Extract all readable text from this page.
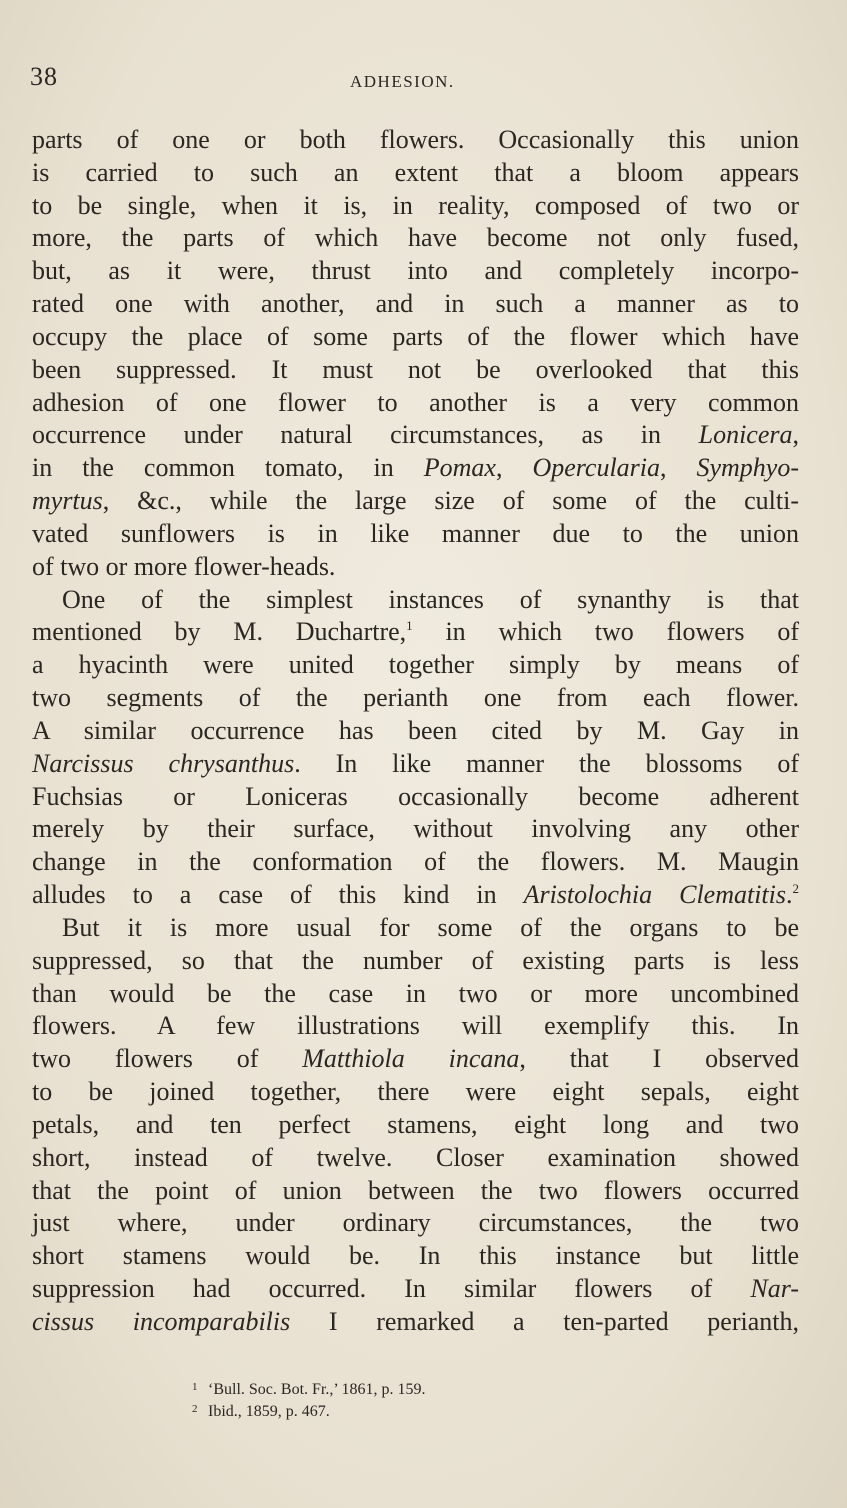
38	ADHESION.
parts of one or both flowers. Occasionally this union
is carried to such an extent that a bloom appears
to be single, when it is, in reality, composed of two or
more, the parts of which have become not only fused,
but, as it were, thrust into and completely incorpo-
rated one with another, and in such a manner as to
occupy the place of some parts of the flower which have
been suppressed. It must not be overlooked that this
adhesion of one flower to another is a very common
occurrence under natural circumstances, as in Lonicera,
in the common tomato, in Pomax, Opercularia, Symphyo-
myrtus, &c., while the large size of some of the culti-
vated sunflowers is in like manner due to the union
of two or more flower-heads.
One of the simplest instances of synanthy is that
mentioned by M. Duchartre,$^1$ in which two flowers of
a hyacinth were united together simply by means of
two segments of the perianth one from each flower.
A similar occurrence has been cited by M. Gay in
Narcissus chrysanthus. In like manner the blossoms of
Fuchsias or Loniceras occasionally become adherent
merely by their surface, without involving any other
change in the conformation of the flowers. M. Maugin
alludes to a case of this kind in Aristolochia Clematitis.$^2$
But it is more usual for some of the organs to be
suppressed, so that the number of existing parts is less
than would be the case in two or more uncombined
flowers. A few illustrations will exemplify this. In
two flowers of Matthiola incana, that I observed
to be joined together, there were eight sepals, eight
petals, and ten perfect stamens, eight long and two
short, instead of twelve. Closer examination showed
that the point of union between the two flowers occurred
just where, under ordinary circumstances, the two
short stamens would be. In this instance but little
suppression had occurred. In similar flowers of Nar-
cissus incomparabilis I remarked a ten-parted perianth,
1 ‘Bull. Soc. Bot. Fr.,’ 1861, p. 159.
2 Ibid., 1859, p. 467.
